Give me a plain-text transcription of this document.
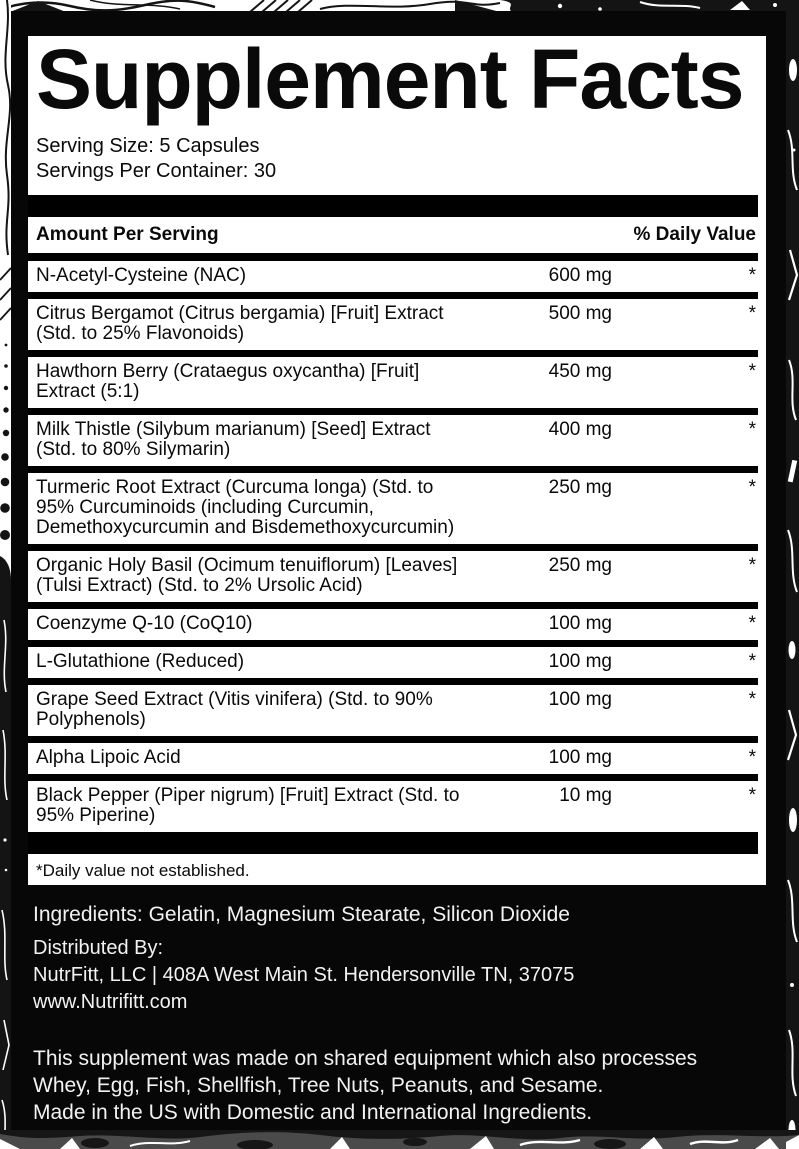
Supplement Facts
Serving Size: 5 Capsules
Servings Per Container: 30
Amount Per Serving	% Daily Value
N-Acetyl-Cysteine (NAC)	600 mg	*
Citrus Bergamot (Citrus bergamia) [Fruit] Extract (Std. to 25% Flavonoids)
500 mg	*
Hawthorn Berry (Crataegus oxycantha) [Fruit] Extract (5:1)
450 mg	*
Milk Thistle (Silybum marianum) [Seed] Extract (Std. to 80% Silymarin)
400 mg	*
Turmeric Root Extract (Curcuma longa) (Std. to 95% Curcuminoids (including Curcumin, Demethoxycurcumin and Bisdemethoxycurcumin)
250 mg	*
Organic Holy Basil (Ocimum tenuiflorum) [Leaves] (Tulsi Extract) (Std. to 2% Ursolic Acid)
250 mg	*
Coenzyme Q-10 (CoQ10)	100 mg	*
L-Glutathione (Reduced)	100 mg	*
Grape Seed Extract (Vitis vinifera) (Std. to 90% Polyphenols)
100 mg	*
Alpha Lipoic Acid	100 mg	*
Black Pepper (Piper nigrum) [Fruit] Extract (Std. to 95% Piperine)
10 mg	*
*Daily value not established.
Ingredients: Gelatin, Magnesium Stearate, Silicon Dioxide
Distributed By:
NutrFitt, LLC | 408A West Main St. Hendersonville TN, 37075
www.Nutrifitt.com
This supplement was made on shared equipment which also processes
Whey, Egg, Fish, Shellfish, Tree Nuts, Peanuts, and Sesame.
Made in the US with Domestic and International Ingredients.
